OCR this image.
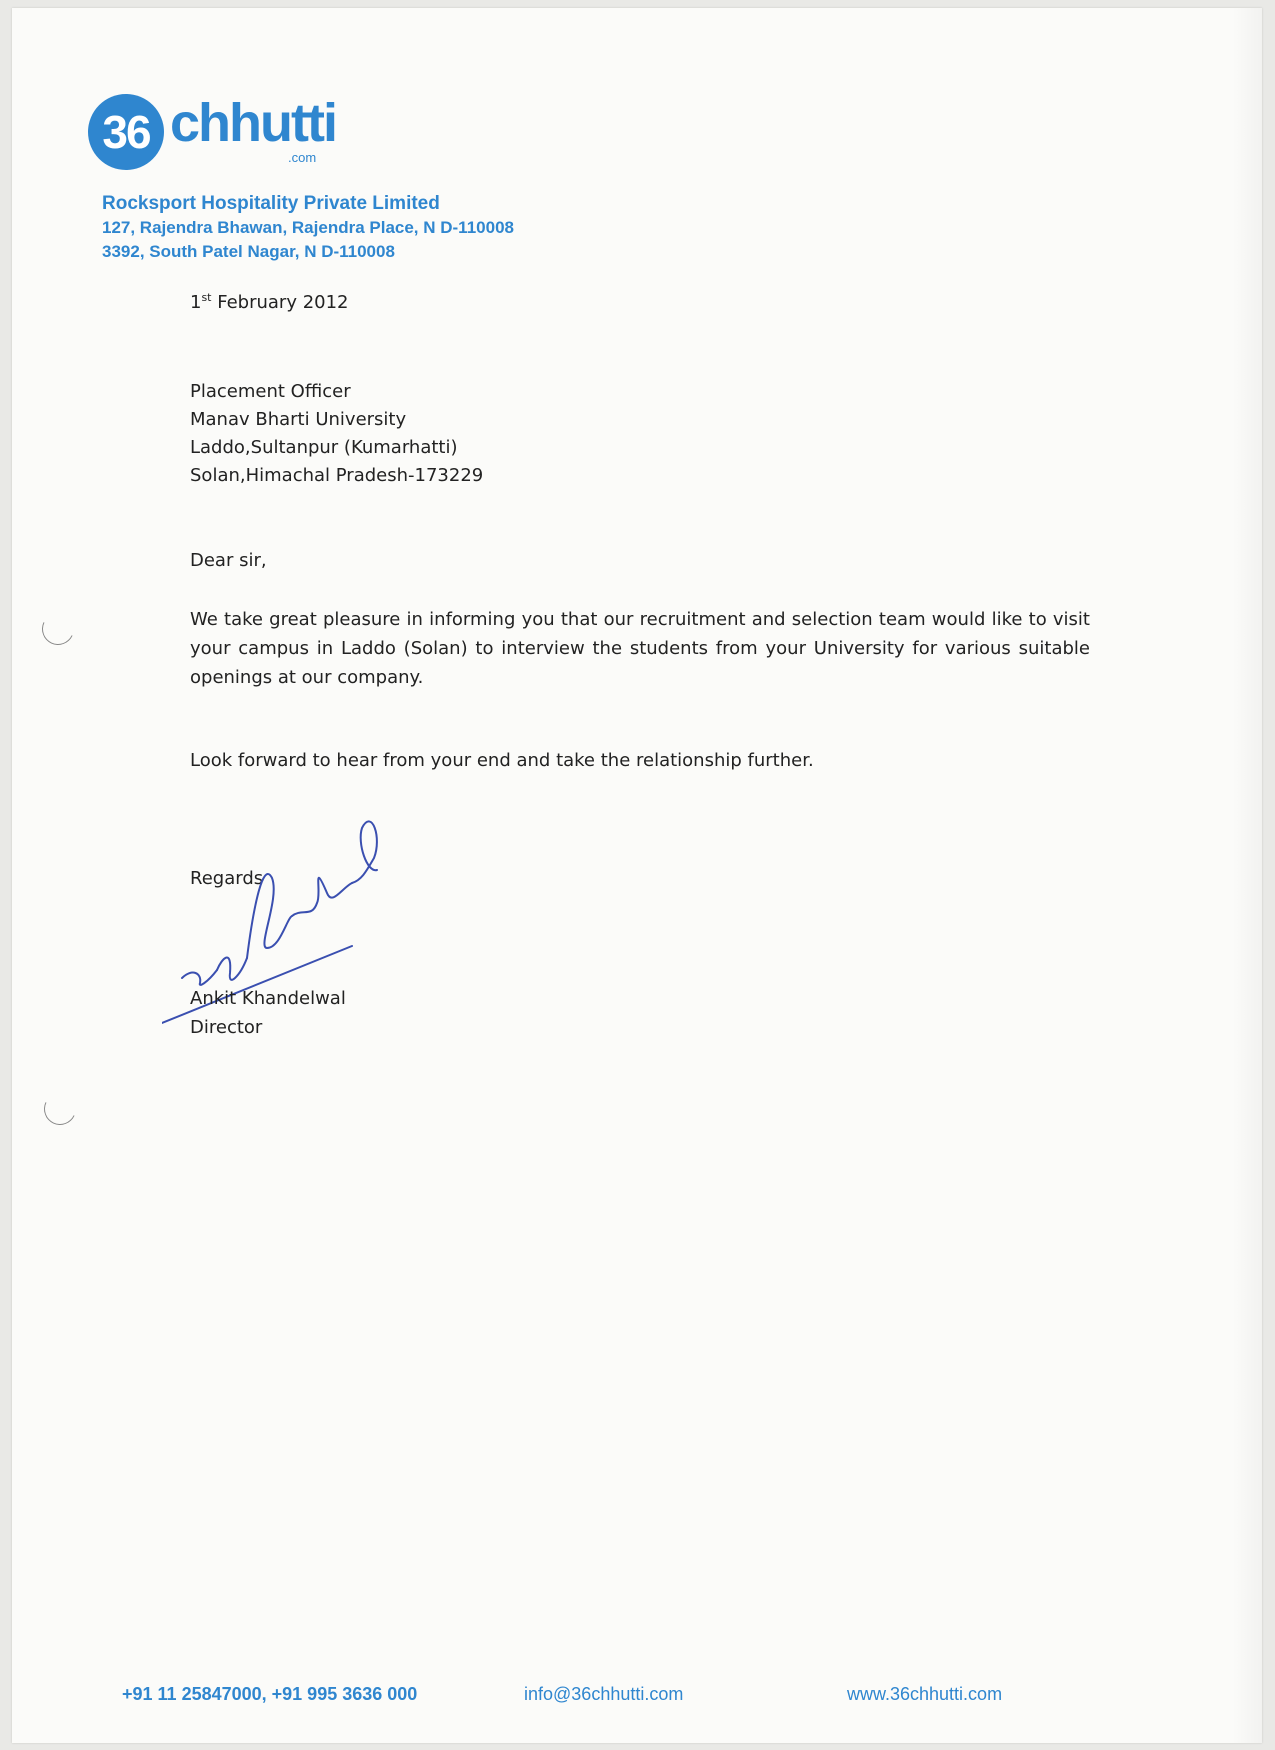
36 chhutti
.com
Rocksport Hospitality Private Limited
127, Rajendra Bhawan, Rajendra Place, N D-110008
3392, South Patel Nagar, N D-110008
1st February 2012
Placement Officer
Manav Bharti University
Laddo,Sultanpur (Kumarhatti)
Solan,Himachal Pradesh-173229
Dear sir,
We take great pleasure in informing you that our recruitment and selection team would like to visit your campus in Laddo (Solan) to interview the students from your University for various suitable openings at our company.
Look forward to hear from your end and take the relationship further.
Regards
Ankit Khandelwal
Director
+91 11 25847000, +91 995 3636 000	info@36chhutti.com	www.36chhutti.com
